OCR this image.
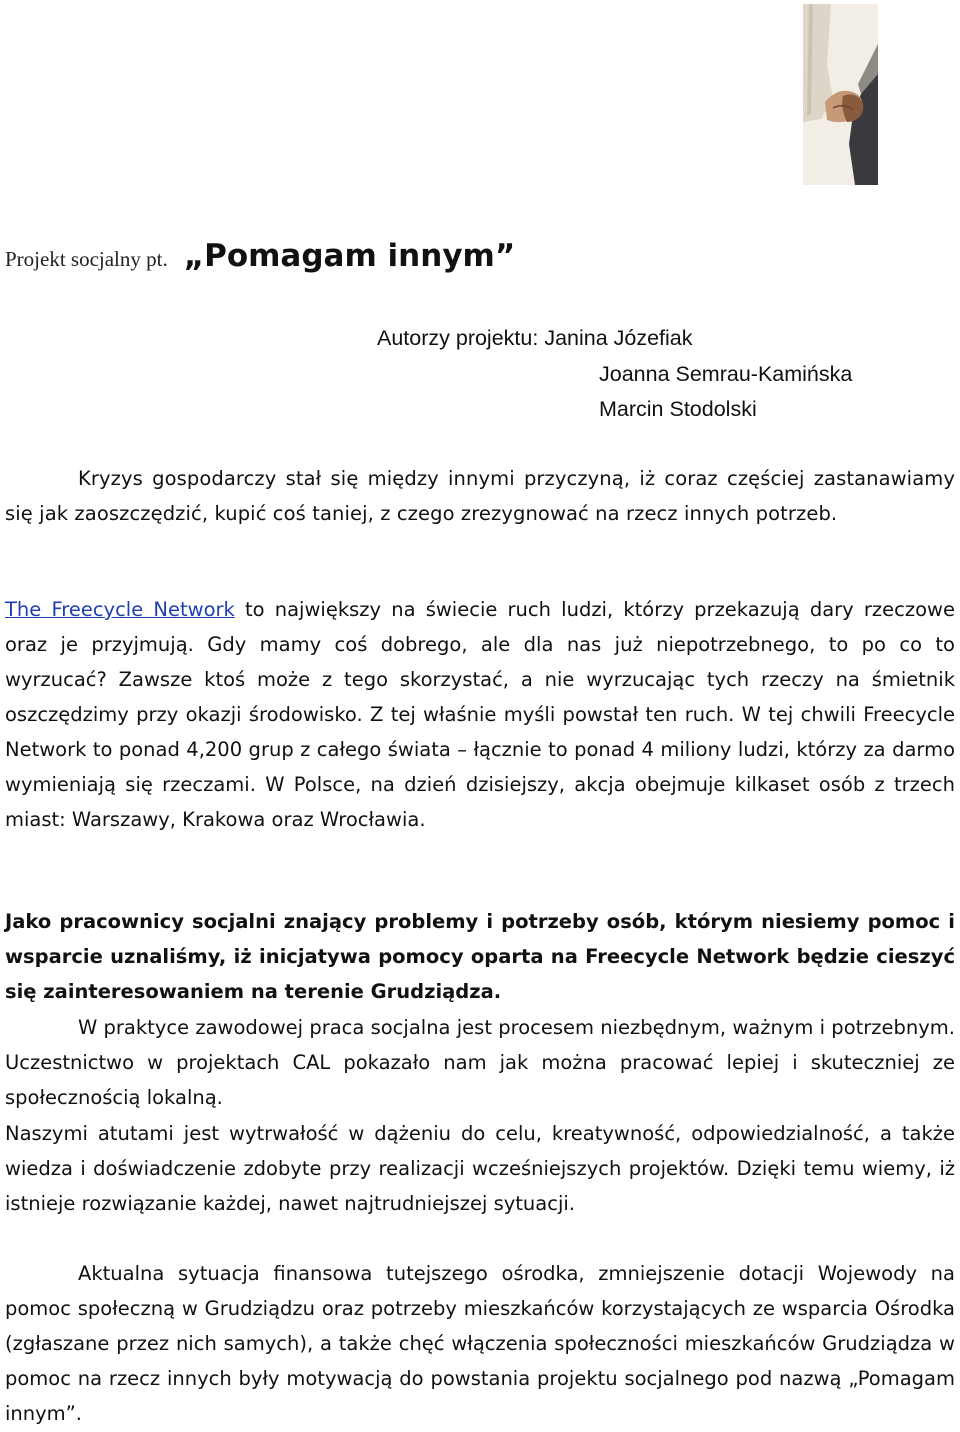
Projekt socjalny pt. „Pomagam innym”
Autorzy projektu: Janina Józefiak
Joanna Semrau-Kamińska
Marcin Stodolski

Kryzys gospodarczy stał się między innymi przyczyną, iż coraz częściej zastanawiamy się jak zaoszczędzić, kupić coś taniej, z czego zrezygnować na rzecz innych potrzeb.

The Freecycle Network to największy na świecie ruch ludzi, którzy przekazują dary rzeczowe oraz je przyjmują. Gdy mamy coś dobrego, ale dla nas już niepotrzebnego, to po co to wyrzucać? Zawsze ktoś może z tego skorzystać, a nie wyrzucając tych rzeczy na śmietnik oszczędzimy przy okazji środowisko. Z tej właśnie myśli powstał ten ruch. W tej chwili Freecycle Network to ponad 4,200 grup z całego świata – łącznie to ponad 4 miliony ludzi, którzy za darmo wymieniają się rzeczami. W Polsce, na dzień dzisiejszy, akcja obejmuje kilkaset osób z trzech miast: Warszawy, Krakowa oraz Wrocławia.

Jako pracownicy socjalni znający problemy i potrzeby osób, którym niesiemy pomoc i wsparcie uznaliśmy, iż inicjatywa pomocy oparta na Freecycle Network będzie cieszyć się zainteresowaniem na terenie Grudziądza.

W praktyce zawodowej praca socjalna jest procesem niezbędnym, ważnym i potrzebnym. Uczestnictwo w projektach CAL pokazało nam jak można pracować lepiej i skuteczniej ze społecznością lokalną.

Naszymi atutami jest wytrwałość w dążeniu do celu, kreatywność, odpowiedzialność, a także wiedza i doświadczenie zdobyte przy realizacji wcześniejszych projektów. Dzięki temu wiemy, iż istnieje rozwiązanie każdej, nawet najtrudniejszej sytuacji.

Aktualna sytuacja finansowa tutejszego ośrodka, zmniejszenie dotacji Wojewody na pomoc społeczną w Grudziądzu oraz potrzeby mieszkańców korzystających ze wsparcia Ośrodka (zgłaszane przez nich samych), a także chęć włączenia społeczności mieszkańców Grudziądza w pomoc na rzecz innych były motywacją do powstania projektu socjalnego pod nazwą „Pomagam innym”.
